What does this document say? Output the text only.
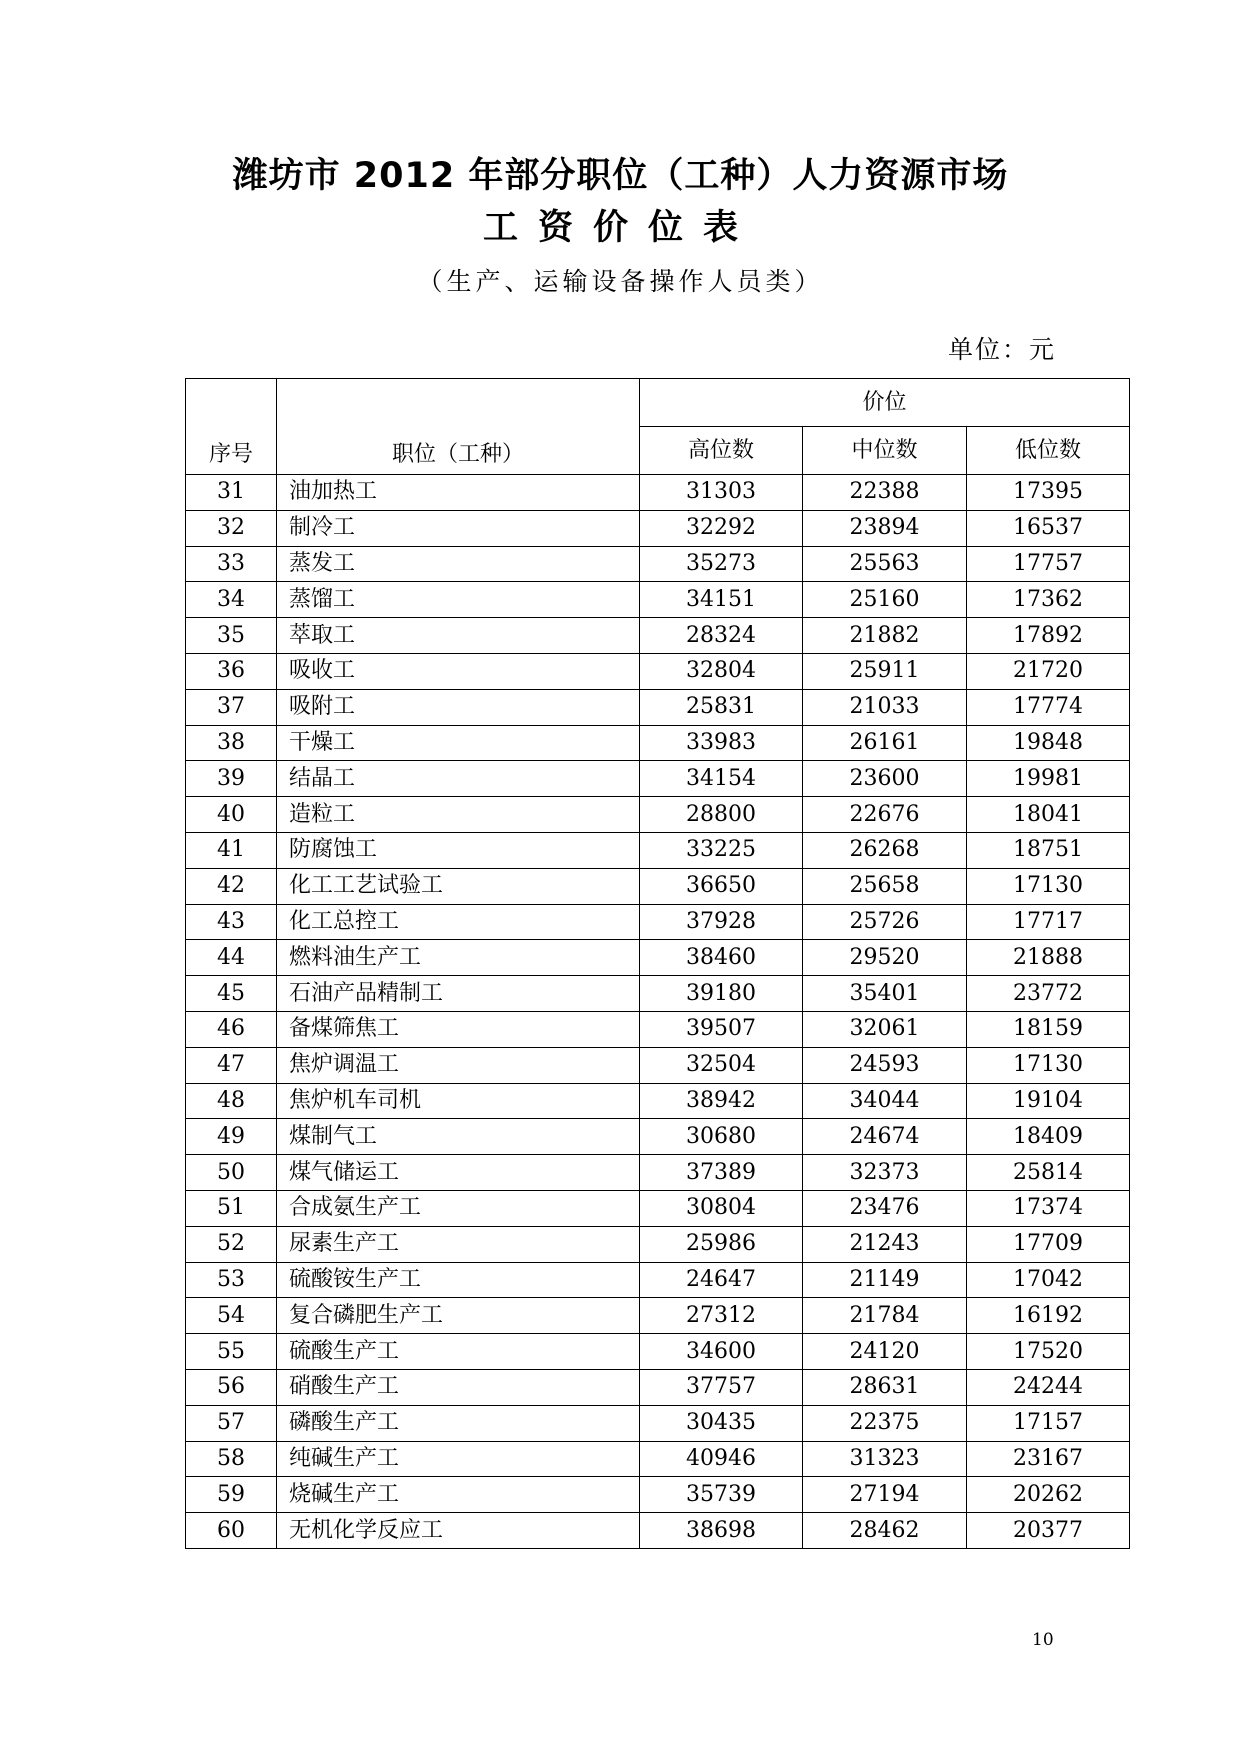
潍坊市 2012 年部分职位（工种）人力资源市场
工资价位表
（生产、运输设备操作人员类）
单位：元
序号	职位（工种）	价位		
		高位数	中位数	低位数
31	油加热工	31303	22388	17395
32	制冷工	32292	23894	16537
33	蒸发工	35273	25563	17757
34	蒸馏工	34151	25160	17362
35	萃取工	28324	21882	17892
36	吸收工	32804	25911	21720
37	吸附工	25831	21033	17774
38	干燥工	33983	26161	19848
39	结晶工	34154	23600	19981
40	造粒工	28800	22676	18041
41	防腐蚀工	33225	26268	18751
42	化工工艺试验工	36650	25658	17130
43	化工总控工	37928	25726	17717
44	燃料油生产工	38460	29520	21888
45	石油产品精制工	39180	35401	23772
46	备煤筛焦工	39507	32061	18159
47	焦炉调温工	32504	24593	17130
48	焦炉机车司机	38942	34044	19104
49	煤制气工	30680	24674	18409
50	煤气储运工	37389	32373	25814
51	合成氨生产工	30804	23476	17374
52	尿素生产工	25986	21243	17709
53	硫酸铵生产工	24647	21149	17042
54	复合磷肥生产工	27312	21784	16192
55	硫酸生产工	34600	24120	17520
56	硝酸生产工	37757	28631	24244
57	磷酸生产工	30435	22375	17157
58	纯碱生产工	40946	31323	23167
59	烧碱生产工	35739	27194	20262
60	无机化学反应工	38698	28462	20377
10
